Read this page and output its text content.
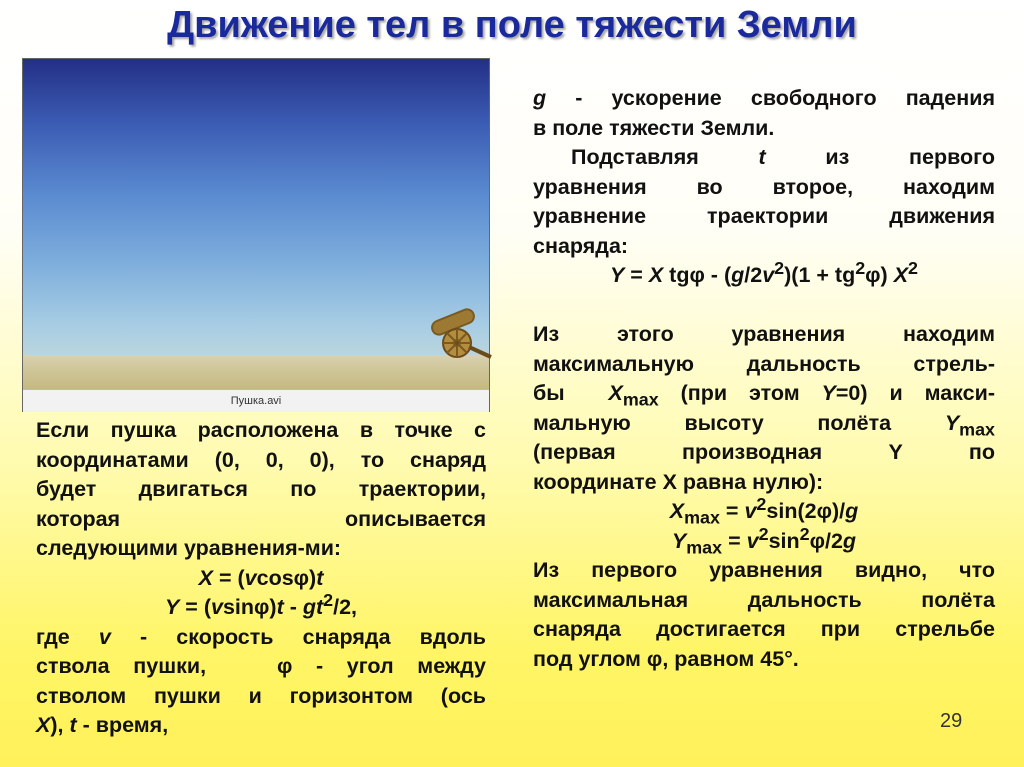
Движение тел в поле тяжести Земли
Пушка.avi
Если пушка расположена в точке с
координатами (0, 0, 0), то снаряд
будет двигаться по траектории,
которая описывается
следующими уравнения-ми:
X = (vcosφ)t
$Y = (vsin\varphi)t - gt^2/2$,
где v - скорость снаряда вдоль
ствола пушки,   φ - угол между
стволом пушки и горизонтом (ось
X), t - время,
g - ускорение свободного падения
в поле тяжести Земли.
Подставляя  t  из  первого
уравнения во второе, находим
уравнение траектории движения
снаряда:
Y = X $tg\varphi - (g/2v^2)(1 + tg^2\varphi)$ $X^2$
Из этого уравнения находим
максимальную дальность стрель-
бы  $X_{max}$ (при этом Y=0) и макси-
мальную   высоту   полёта   $Y_{max}$
(первая производная Y по
координате X равна нулю):
$X_{max} = v^2\sin(2\varphi)/g$
$Y_{max} = v^2\sin^2\varphi/2g$
Из первого уравнения видно, что
максимальная дальность полёта
снаряда достигается при стрельбе
под углом φ, равном 45°.
29
